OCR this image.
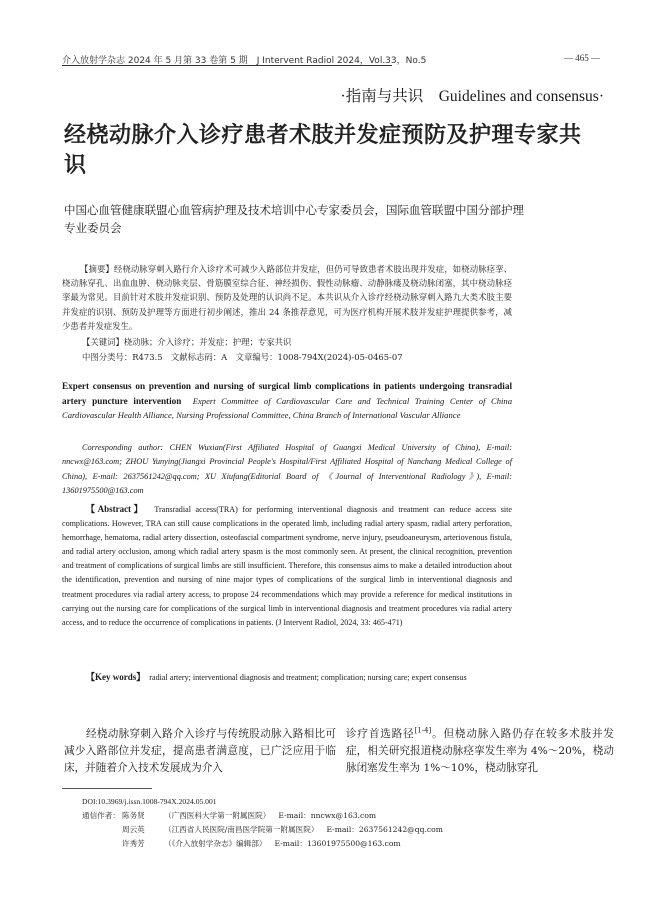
介入放射学杂志 2024 年 5 月第 33 卷第 5 期　J Intervent Radiol 2024，Vol.33，No.5	— 465 —
·指南与共识　Guidelines and consensus·
经桡动脉介入诊疗患者术肢并发症预防及护理专家共识
中国心血管健康联盟心血管病护理及技术培训中心专家委员会，国际血管联盟中国分部护理专业委员会
【摘要】经桡动脉穿刺入路行介入诊疗术可减少入路部位并发症，但仍可导致患者术肢出现并发症，如桡动脉痉挛、桡动脉穿孔、出血血肿、桡动脉夹层、骨筋膜室综合征、神经损伤、假性动脉瘤、动静脉瘘及桡动脉闭塞，其中桡动脉痉挛最为常见。目前针对术肢并发症识别、预防及处理的认识尚不足。本共识从介入诊疗经桡动脉穿刺入路九大类术肢主要并发症的识别、预防及护理等方面进行初步阐述，推出 24 条推荐意见，可为医疗机构开展术肢并发症护理提供参考，减少患者并发症发生。
【关键词】桡动脉；介入诊疗；并发症；护理；专家共识
中图分类号：R473.5　 文献标志码：A　 文章编号：1008-794X(2024)-05-0465-07
Expert consensus on prevention and nursing of surgical limb complications in patients undergoing transradial artery puncture intervention Expert Committee of Cardiovascular Care and Technical Training Center of China Cardiovascular Health Alliance, Nursing Professional Committee, China Branch of International Vascular Alliance
Corresponding author: CHEN Wuxian(First Affiliated Hospital of Guangxi Medical University of China), E-mail: nncwx@163.com; ZHOU Yunying(Jiangxi Provincial People's Hospital/First Affiliated Hospital of Nanchang Medical College of China), E-mail: 2637561242@qq.com; XU Xiufang(Editorial Board of 《Journal of Interventional Radiology》), E-mail: 13601975500@163.com
【Abstract】 Transradial access(TRA) for performing interventional diagnosis and treatment can reduce access site complications. However, TRA can still cause complications in the operated limb, including radial artery spasm, radial artery perforation, hemorrhage, hematoma, radial artery dissection, osteofascial compartment syndrome, nerve injury, pseudoaneurysm, arteriovenous fistula, and radial artery occlusion, among which radial artery spasm is the most commonly seen. At present, the clinical recognition, prevention and treatment of complications of surgical limbs are still insufficient. Therefore, this consensus aims to make a detailed introduction about the identification, prevention and nursing of nine major types of complications of the surgical limb in interventional diagnosis and treatment procedures via radial artery access, to propose 24 recommendations which may provide a reference for medical institutions in carrying out the nursing care for complications of the surgical limb in interventional diagnosis and treatment procedures via radial artery access, and to reduce the occurrence of complications in patients. (J Intervent Radiol, 2024, 33: 465-471)
【Key words】 radial artery; interventional diagnosis and treatment; complication; nursing care; expert consensus
经桡动脉穿刺入路介入诊疗与传统股动脉入路相比可减少入路部位并发症，提高患者满意度，已广泛应用于临床，并随着介入技术发展成为介入
诊疗首选路径[1-4]。但桡动脉入路仍存在较多术肢并发症，相关研究报道桡动脉痉挛发生率为 4%～20%，桡动脉闭塞发生率为 1%～10%，桡动脉穿孔
DOI:10.3969/j.issn.1008-794X.2024.05.001
通信作者： 陈务贤	（广西医科大学第一附属医院） E-mail：nncwx@163.com
周云英	（江西省人民医院/南昌医学院第一附属医院） E-mail：2637561242@qq.com
许秀芳	（《介入放射学杂志》编辑部） E-mail：13601975500@163.com
